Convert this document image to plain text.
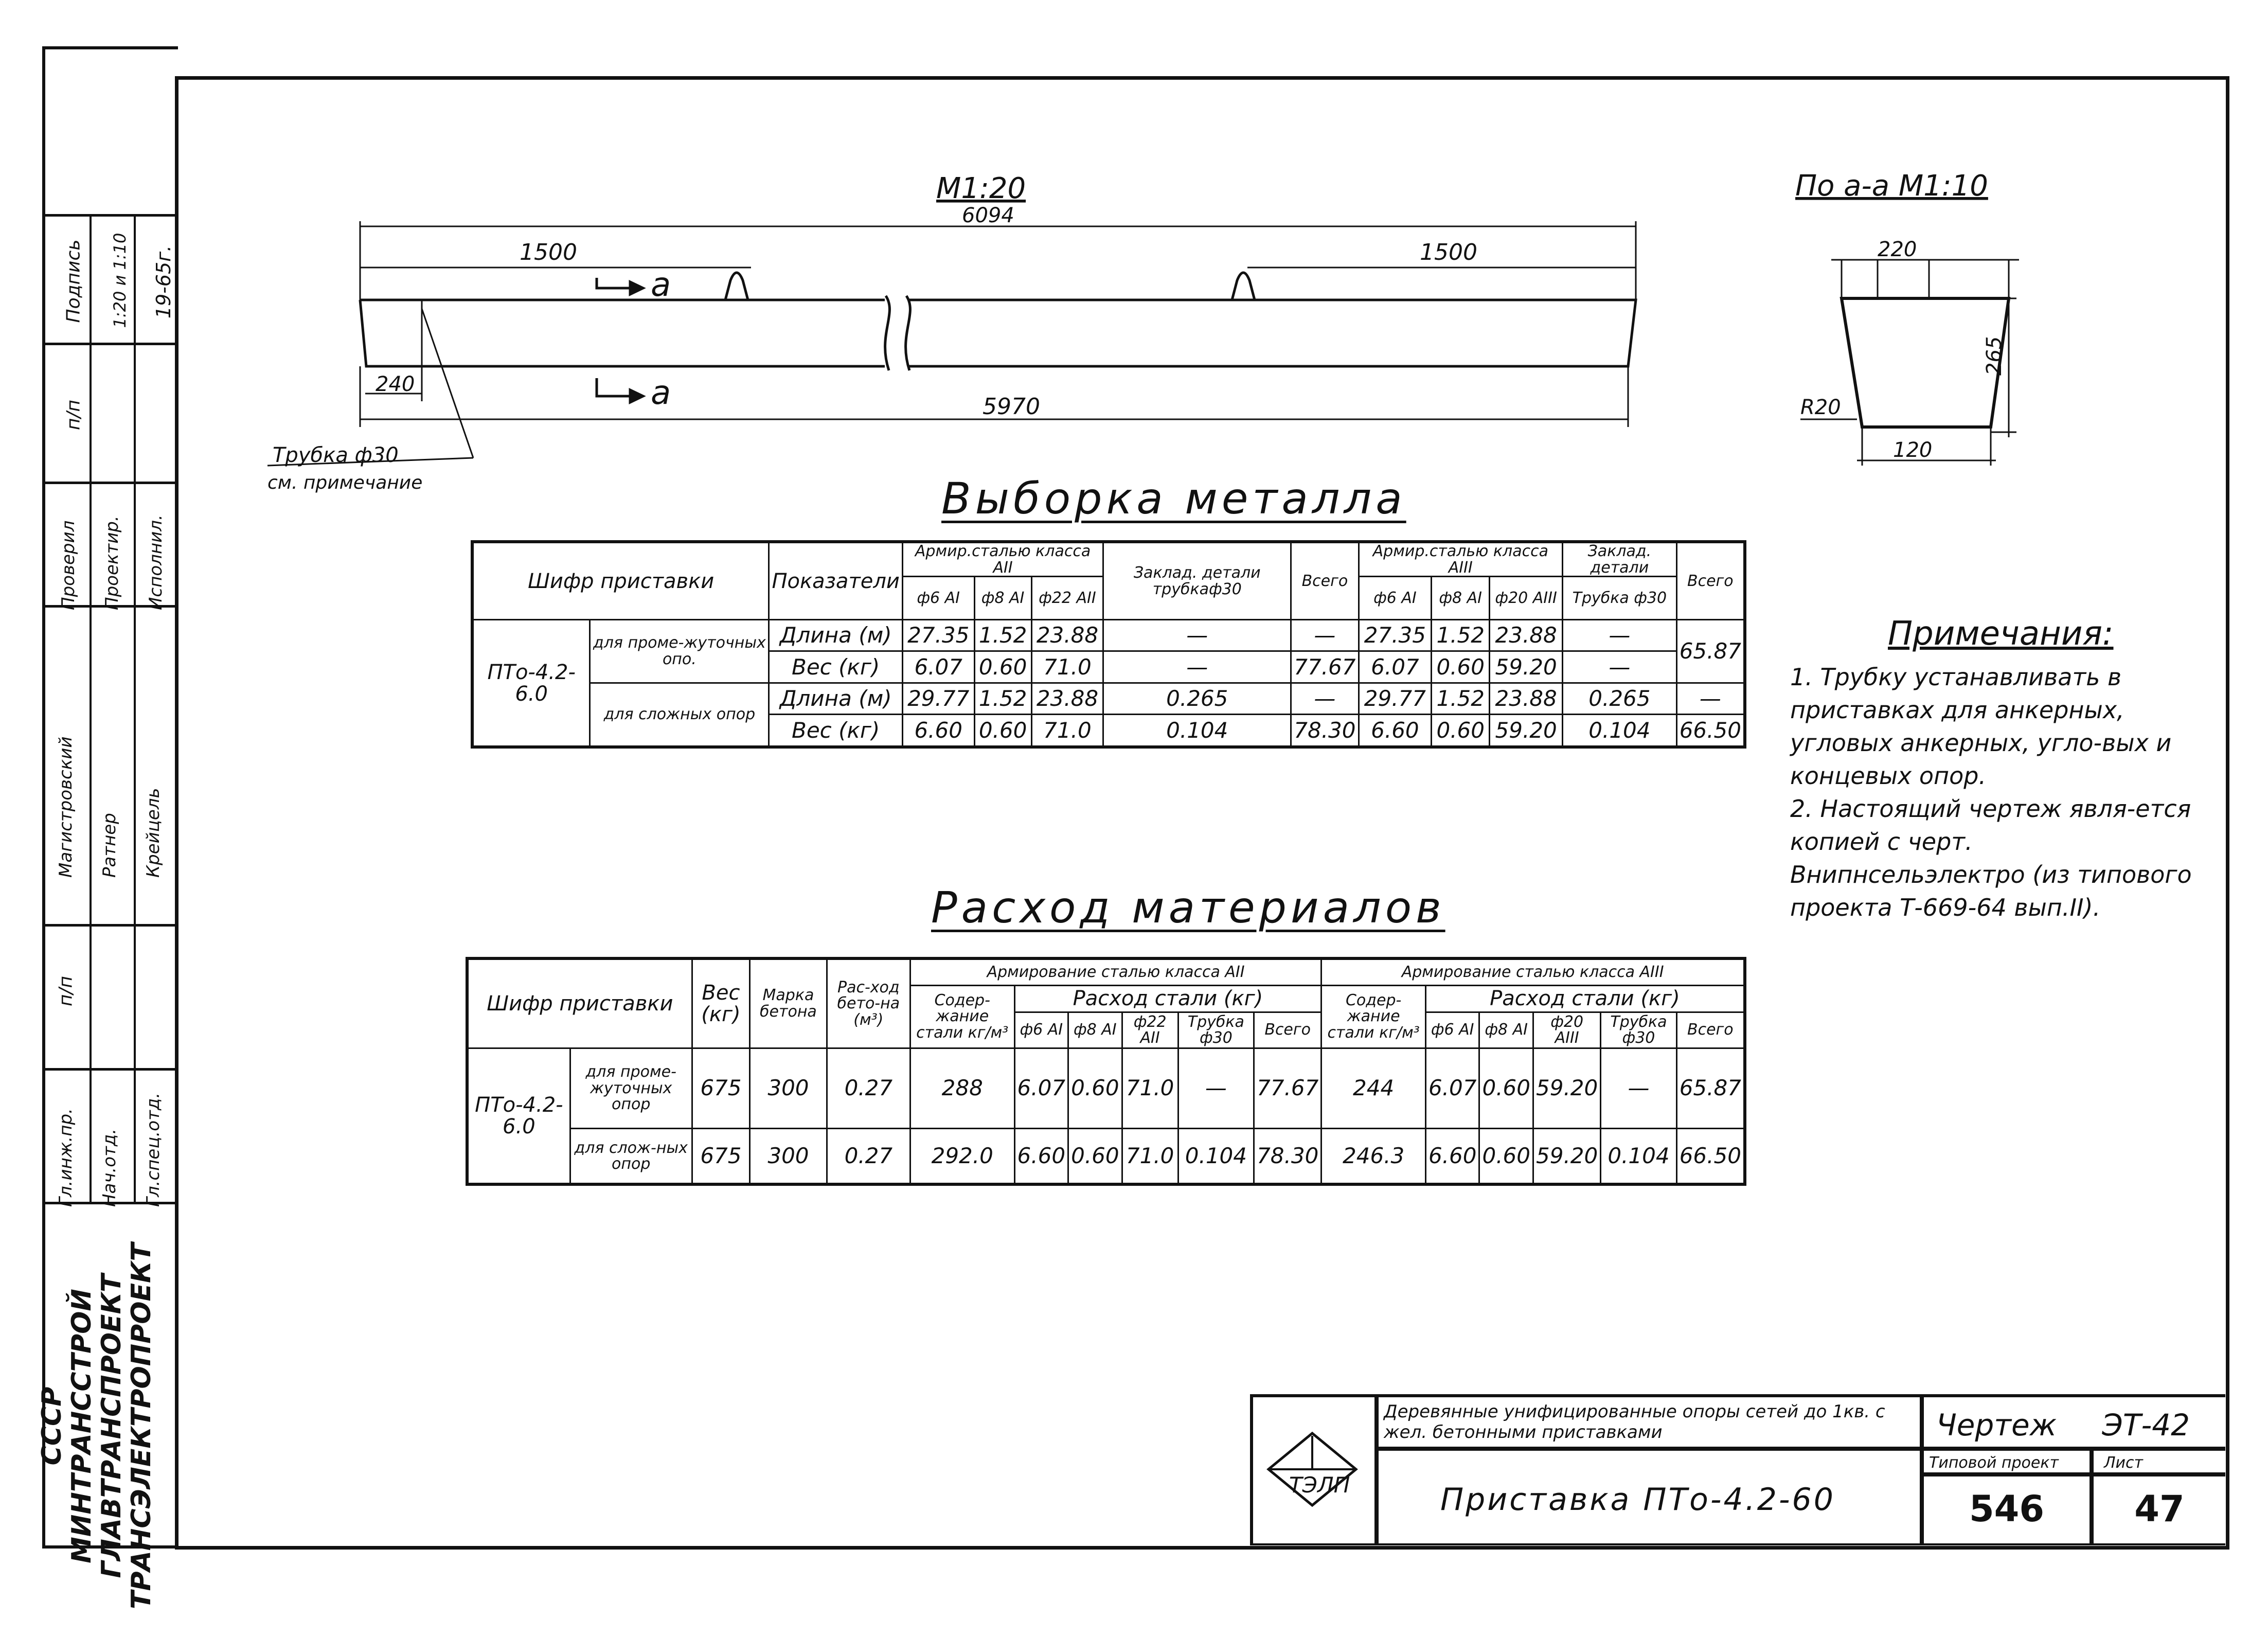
СССР
МИНТРАНССТРОЙ
ГЛАВТРАНСПРОЕКТ
ТРАНСЭЛЕКТРОПРОЕКТ
Гл.инж.пр. Нач.отд. Гл.спец.отд.
п/п
Магистровский Ратнер Крейцель
Проверил Проектир. Исполнил.
п/п
Подпись 1:20 и 1:10 19-65г.
М1:20
6094
1500	1500
5970
240
a
a
Трубка ф30
см. примечание
По a-a М1:10
220
265
R20
120
Выборка металла
Шифр приставки		Показатели	Армир.сталью класса АII			Заклад. детали трубкаф30	Всего	Армир.сталью класса АIII			Заклад. детали	Всего
			ф6 АI	ф8 АI	ф22 АII			ф6 АI	ф8 АI	ф20 АIII	Трубка ф30	

ПТо-4.2-6.0	для проме-жуточных опо.	Длина (м)	27.35	1.52	23.88	—	—	27.35	1.52	23.88	—	65.87
		Вес (кг)	6.07	0.60	71.0	—	77.67	6.07	0.60	59.20	—	
	для сложных опор	Длина (м)	29.77	1.52	23.88	0.265	—	29.77	1.52	23.88	0.265	—
		Вес (кг)	6.60	0.60	71.0	0.104	78.30	6.60	0.60	59.20	0.104	66.50
Расход материалов
Шифр приставки		Вес (кг)	Марка бетона	Рас-ход бето-на (м³)	Армирование сталью класса АII						Армирование сталью класса АIII					
					Содер-жание стали кг/м³	Расход стали (кг)					Содер-жание стали кг/м³	Расход стали (кг)				
						ф6 АI	ф8 АI	ф22 АII	Трубка ф30	Всего		ф6 АI	ф8 АI	ф20 АIII	Трубка ф30	Всего
ПТо-4.2-6.0	для проме-жуточных опор	675	300	0.27	288	6.07	0.60	71.0	—	77.67	244	6.07	0.60	59.20	—	65.87
	для слож-ных опор	675	300	0.27	292.0	6.60	0.60	71.0	0.104	78.30	246.3	6.60	0.60	59.20	0.104	66.50
Примечания:

1. Трубку устанавливать в приставках для анкерных, угловых анкерных, угло-вых и концевых опор.

2. Настоящий чертеж явля-ется копией с черт. Внипнсельэлектро (из типового проекта Т-669-64 вып.II).

ТЭЛП
Деревянные унифицированные опоры сетей до 1кв. с жел. бетонными приставками
Приставка ПТо-4.2-60
Чертеж ЭТ-42
Типовой проект	Лист
546	47
